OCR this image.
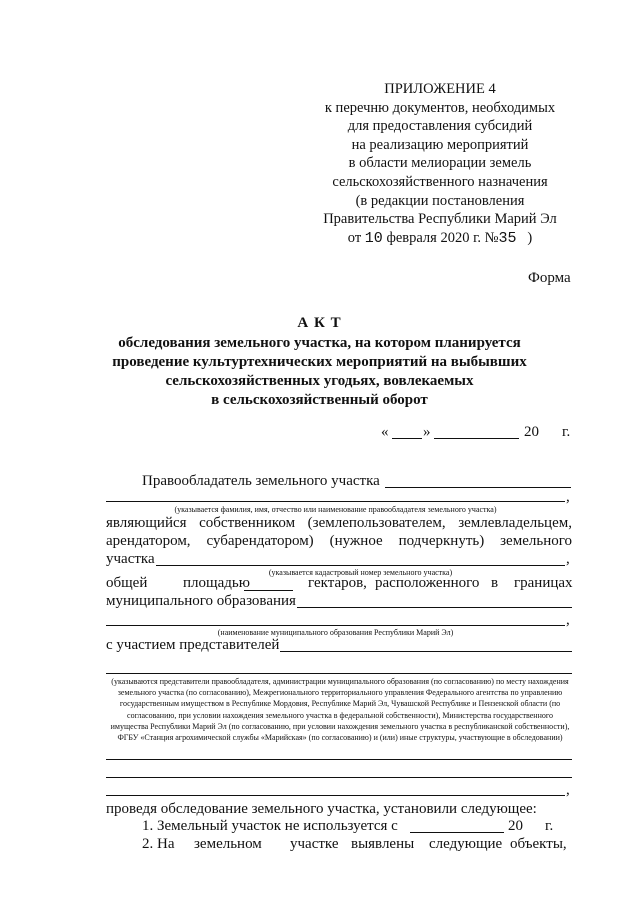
ПРИЛОЖЕНИЕ 4
к перечню документов, необходимых
для предоставления субсидий
на реализацию мероприятий
в области мелиорации земель
сельскохозяйственного назначения
(в редакции постановления
Правительства Республики Марий Эл
от 10 февраля 2020 г. №35 )
Форма
А К Т
обследования земельного участка, на котором планируется
проведение культуртехнических мероприятий на выбывших
сельскохозяйственных угодьях, вовлекаемых
в сельскохозяйственный оборот
« »	20 г.
Правообладатель земельного участка
,
(указывается фамилия, имя, отчество или наименование правообладателя земельного участка)
являющийся собственником (землепользователем, землевладельцем,
арендатором, субарендатором) (нужное подчеркнуть) земельного
участка	,
(указывается кадастровый номер земельного участка)
общей площадью	гектаров, расположенного в границах
муниципального образования
,
(наименование муниципального образования Республики Марий Эл)
с участием представителей
(указываются представители правообладателя, администрации муниципального образования (по согласованию) по месту нахождения земельного участка (по согласованию), Межрегионального территориального управления Федерального агентства по управлению государственным имуществом в Республике Мордовия, Республике Марий Эл, Чувашской Республике и Пензенской области (по согласованию, при условии нахождения земельного участка в федеральной собственности), Министерства государственного имущества Республики Марий Эл (по согласованию, при условии нахождения земельного участка в республиканской собственности), ФГБУ «Станция агрохимической службы «Марийская» (по согласованию) и (или) иные структуры, участвующие в обследовании)
,
проведя обследование земельного участка, установили следующее:
1. Земельный участок не используется с	20 г.
2. На земельном участке выявлены следующие объекты,
